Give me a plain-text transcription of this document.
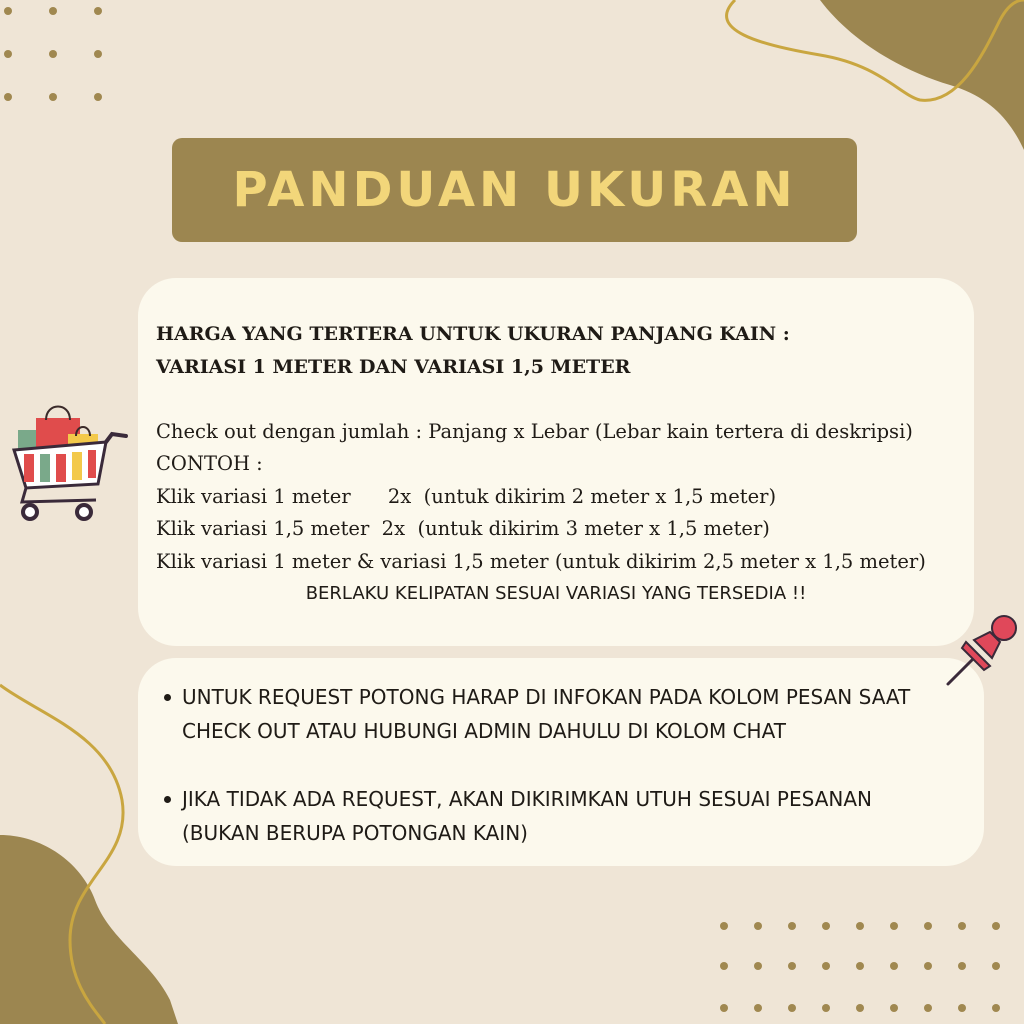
PANDUAN UKURAN
HARGA YANG TERTERA UNTUK UKURAN PANJANG KAIN :
VARIASI 1 METER DAN VARIASI 1,5 METER
Check out dengan jumlah : Panjang x Lebar (Lebar kain tertera di deskripsi)
CONTOH :
Klik variasi 1 meter      2x  (untuk dikirim 2 meter x 1,5 meter)
Klik variasi 1,5 meter  2x  (untuk dikirim 3 meter x 1,5 meter)
Klik variasi 1 meter & variasi 1,5 meter (untuk dikirim 2,5 meter x 1,5 meter)
BERLAKU KELIPATAN SESUAI VARIASI YANG TERSEDIA !!
UNTUK REQUEST POTONG HARAP DI INFOKAN PADA KOLOM PESAN SAAT CHECK OUT ATAU HUBUNGI ADMIN DAHULU DI KOLOM CHAT
JIKA TIDAK ADA REQUEST, AKAN DIKIRIMKAN UTUH SESUAI PESANAN (BUKAN BERUPA POTONGAN KAIN)
